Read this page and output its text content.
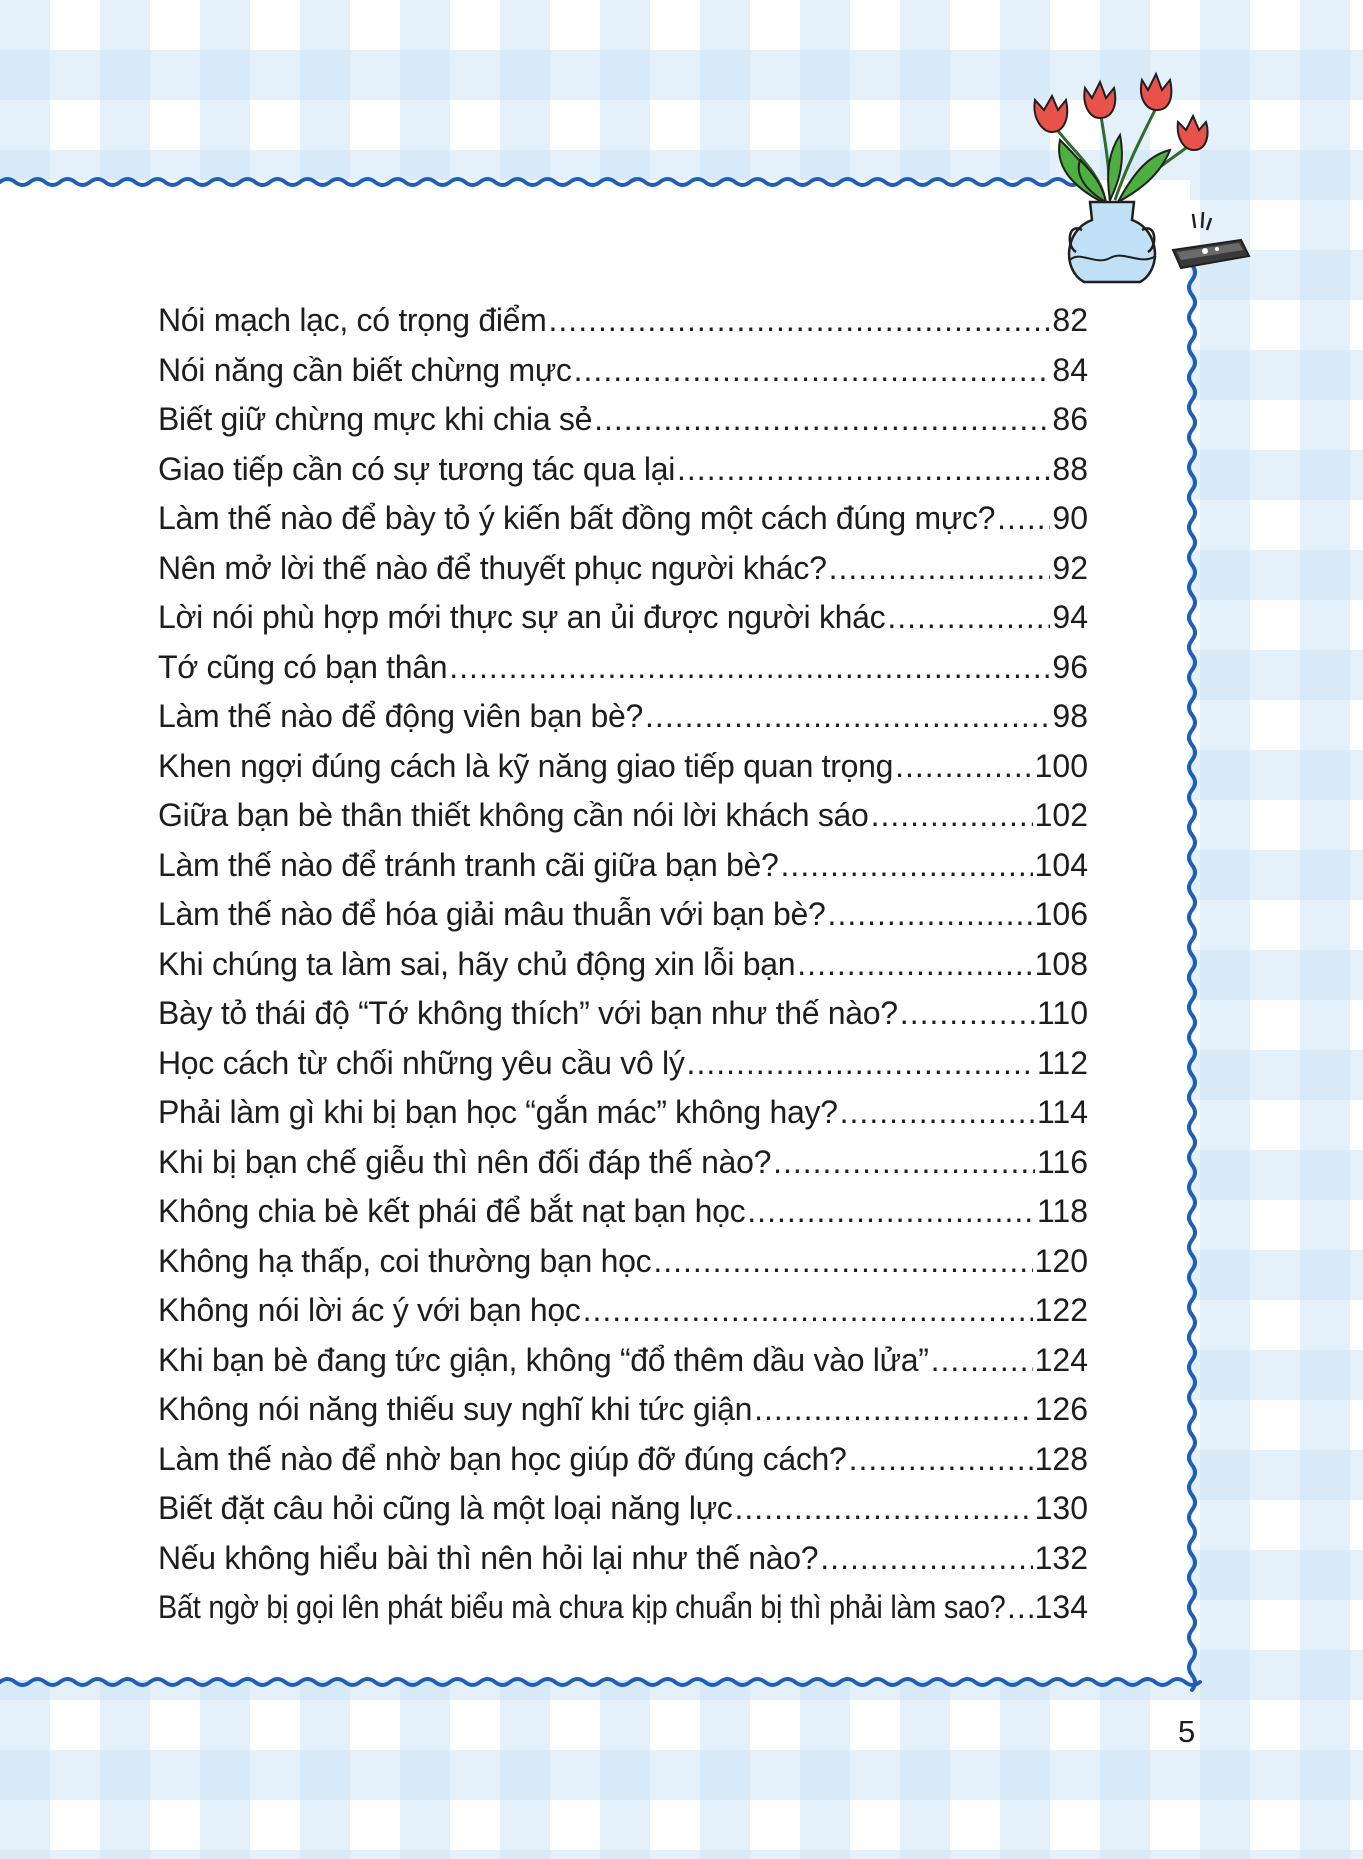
Nói mạch lạc, có trọng điểm .....	82
Nói năng cần biết chừng mực .....	84
Biết giữ chừng mực khi chia sẻ .....	86
Giao tiếp cần có sự tương tác qua lại .....	88
Làm thế nào để bày tỏ ý kiến bất đồng một cách đúng mực? ..... 90
Nên mở lời thế nào để thuyết phục người khác? .....	92
Lời nói phù hợp mới thực sự an ủi được người khác .....	94
Tớ cũng có bạn thân .....	96
Làm thế nào để động viên bạn bè? .....	98
Khen ngợi đúng cách là kỹ năng giao tiếp quan trọng .....	100
Giữa bạn bè thân thiết không cần nói lời khách sáo .....	102
Làm thế nào để tránh tranh cãi giữa bạn bè? .....	104
Làm thế nào để hóa giải mâu thuẫn với bạn bè? .....	106
Khi chúng ta làm sai, hãy chủ động xin lỗi bạn .....	108
Bày tỏ thái độ “Tớ không thích” với bạn như thế nào? .....	110
Học cách từ chối những yêu cầu vô lý .....	112
Phải làm gì khi bị bạn học “gắn mác” không hay? .....	114
Khi bị bạn chế giễu thì nên đối đáp thế nào? .....	116
Không chia bè kết phái để bắt nạt bạn học .....	118
Không hạ thấp, coi thường bạn học .....	120
Không nói lời ác ý với bạn học .....	122
Khi bạn bè đang tức giận, không “đổ thêm dầu vào lửa” .....	124
Không nói năng thiếu suy nghĩ khi tức giận .....	126
Làm thế nào để nhờ bạn học giúp đỡ đúng cách? .....	128
Biết đặt câu hỏi cũng là một loại năng lực .....	130
Nếu không hiểu bài thì nên hỏi lại như thế nào? .....	132
Bất ngờ bị gọi lên phát biểu mà chưa kịp chuẩn bị thì phải làm sao? ..... 134
5
